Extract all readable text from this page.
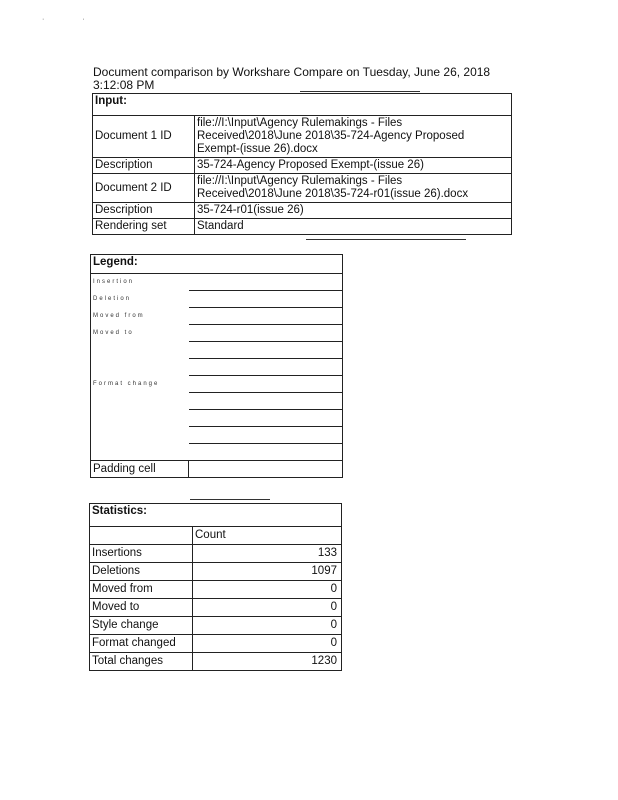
· ·
Document comparison by Workshare Compare on Tuesday, June 26, 2018 3:12:08 PM
Input:	
Document 1 ID	file://I:\Input\Agency Rulemakings - Files Received\2018\June 2018\35-724-Agency Proposed Exempt-(issue 26).docx
Description	35-724-Agency Proposed Exempt-(issue 26)
Document 2 ID	file://I:\Input\Agency Rulemakings - Files Received\2018\June 2018\35-724-r01(issue 26).docx
Description	35-724-r01(issue 26)
Rendering set	Standard
Legend:	
Insertion	
Deletion	
Moved from	
Moved to	

Format change	

Padding cell	
Statistics:	
	Count
Insertions	133
Deletions	1097
Moved from	0
Moved to	0
Style change	0
Format changed	0
Total changes	1230
